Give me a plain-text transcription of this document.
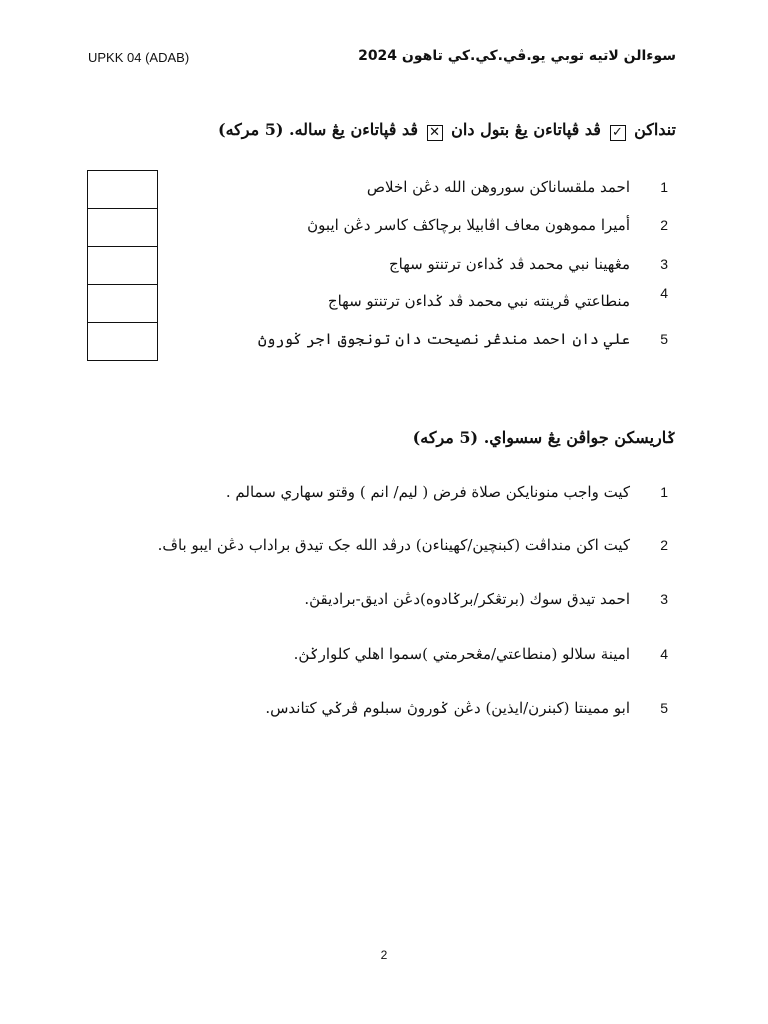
UPKK 04 (ADAB)	سوءالن لاتيه توبي يو.ڤي.كي.كي تاهون 2024
تنداكن ✓ ڤد ڤپاتاءن يڠ بتول دان ✕ ڤد ڤپاتاءن يڠ ساله. (5 مركه)
1
احمد ملقساناكن سوروهن الله دڠن اخلاص
2
أميرا مموهون معاف اڤابيلا برچاكڤ كاسر دڠن ايبوڽ
3
مڠهينا نبي محمد ڤد ݢداءن ترتنتو سهاج
4
منطاعتي ڤرينته نبي محمد ڤد ݢداءن ترتنتو سهاج
5
علي دان احمد مندڠر نصيحت دان تونجوق اجر ݢوروڽ
ݢاريسكن جواڤن يڠ سسواي. (5 مركه)
1
كيت واجب منونايكن صلاة فرض ( ليم/ انم ) وقتو سهاري سمالم .
2
كيت اكن منداڤت (كبنچين/كهيناءن) درڤد الله جک تيدق براداب دڠن ايبو باڤ.
3
احمد تيدق سوك (برتڠكر/برݢادوه)دڠن اديق-براديقڽ.
4
امينة سلالو (منطاعتي/مڠحرمتي )سموا اهلي كلوارݢڽ.
5
ابو ممينتا (كبنرن/ايذين) دڠن ݢوروڽ سبلوم ڤرݢي كتاندس.
2
